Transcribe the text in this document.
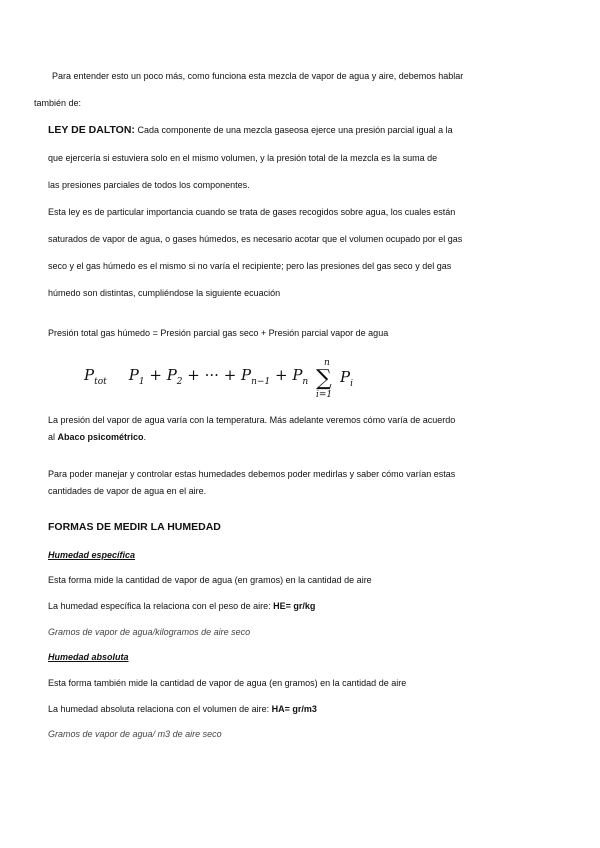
Para entender esto un poco más, como funciona esta mezcla de vapor de agua y aire, debemos hablar
también de:
LEY DE DALTON: Cada componente de una mezcla gaseosa ejerce una presión parcial igual a la
que ejercería si estuviera solo en el mismo volumen, y la presión total de la mezcla es la suma de
las presiones parciales de todos los componentes.
Esta ley es de particular importancia cuando se trata de gases recogidos sobre agua, los cuales están
saturados de vapor de agua, o gases húmedos, es necesario acotar que el volumen ocupado por el gas
seco y el gas húmedo es el mismo si no varía el recipiente; pero las presiones del gas seco y del gas
húmedo son distintas, cumpliéndose la siguiente ecuación
Presión total gas húmedo = Presión parcial gas seco + Presión parcial vapor de agua
$P_{tot}$ $P_1 + P_2$ + ··· + $P_{n-1} + P_n$
n
∑
i=1
$P_i$
La presión del vapor de agua varía con la temperatura. Más adelante veremos cómo varía de acuerdo
al Abaco psicométrico.
Para poder manejar y controlar estas humedades debemos poder medirlas y saber cómo varían estas
cantidades de vapor de agua en el aire.
FORMAS DE MEDIR LA HUMEDAD
Humedad específica
Esta forma mide la cantidad de vapor de agua (en gramos) en la cantidad de aire
La humedad específica la relaciona con el peso de aire: HE= gr/kg
Gramos de vapor de agua/kilogramos de aire seco
Humedad absoluta
Esta forma también mide la cantidad de vapor de agua (en gramos) en la cantidad de aire
La humedad absoluta relaciona con el volumen de aire: HA= gr/m3
Gramos de vapor de agua/ m3 de aire seco
